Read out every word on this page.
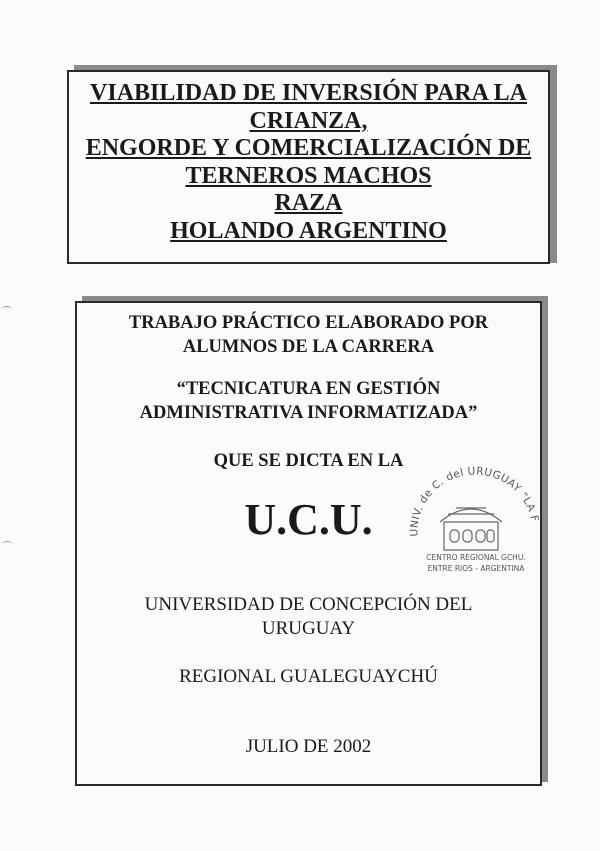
VIABILIDAD DE INVERSIÓN PARA LA
CRIANZA,
ENGORDE Y COMERCIALIZACIÓN DE
TERNEROS MACHOS
RAZA
HOLANDO ARGENTINO
TRABAJO PRÁCTICO ELABORADO POR
ALUMNOS DE LA CARRERA
“TECNICATURA EN GESTIÓN
ADMINISTRATIVA INFORMATIZADA”
QUE SE DICTA EN LA
U.C.U.
UNIVERSIDAD DE CONCEPCIÓN DEL
URUGUAY
REGIONAL GUALEGUAYCHÚ
JULIO DE 2002
UNIV. de C. del URUGUAY “LA F
CENTRO REGIONAL GCHU.
ENTRE RIOS - ARGENTINA
